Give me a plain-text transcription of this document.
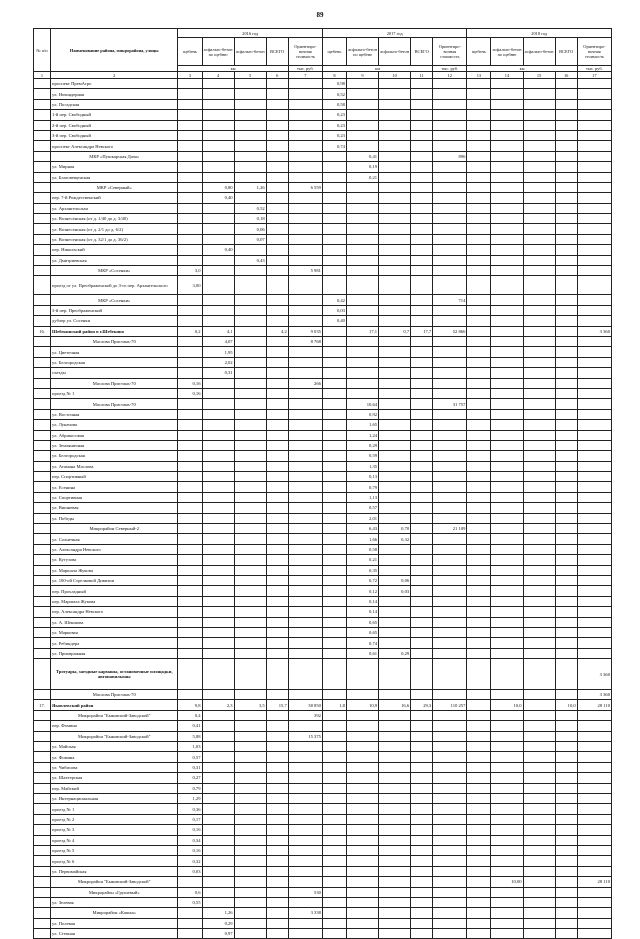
89
№ п/п	Наименование района, микрорайона, улицы	2016 год					2017 год					2018 год				
		щебень	асфальто-бетон по щебню	асфальто-бетон	ВСЕГО	Ориентиро-вочная стоимость	щебень	асфальто-бетон по щебню	асфальто-бетон	ВСЕГО	Ориентиро-вочная стоимость	щебень	асфальто-бетон по щебню	асфальто-бетон	ВСЕГО	Ориентиро-вочная стоимость
		км				тыс. руб.	км				тыс. руб.	км				тыс. руб.
1	2	3	4	5	6	7	8	9	10	11	12	13	14	15	16	17
	проспект ПремАгро						0,98									
	ул. Новоядерная						0,52									
	ул. Посадская						0,58									
	1-й пер. Свободный						0,23									
	2-й пер. Свободный						0,23									
	3-й пер. Свободный						0,23									
	проспект Александра Невского						0,74									
	МКР «Пушкарская Дача»							0,41			896					
	ул. Мирная							0,19								
	ул. Благовещенская							0,21								
	МКР «Северный»		0,80	1,26		6 559										
	пер. 7-й Рождественский		0,40													
	ул. Архангельская			0,52												
	ул. Вознесенская (от д. 1/40 до д. 3/40)			0,18												
	ул. Вознесенская (от д. 2/1 до д. 6/2)			0,06												
	ул. Вознесенская (от д. 32/1 до д. 36/2)			0,07												
	пер. Никольский		0,40													
	ул. Дмитриевская			0,43												
	МКР «Сосенки»	3,0				5 981										
	проезд от ул. Преображенской до 3-го пер. Архангельского	3,00														
	МКР «Сосенки»						0,42				714					
	3-й пер. Преображенский						0,03									
	дублер ул. Сосенки						0,40									
16.	Шебекинский район в г.Шебекино	0,2	4,1		4,2	9 035		17,1	0,7	17,7	52 866					3 360
	Масловa Пристань-70		4,07			8 768										
	ул. Цветочная		1,95													
	ул. Белгородская		2,02													
	съезды		0,31													
	Масловa Пристань-70	0,16				266										
	проезд № 1	0,16														
	Масловa Пристань-70							10,64			31 757					
	ул. Восточная							0,92								
	ул. Луначова							1,65								
	ул. Абрикосовая							1,24								
	ул. Земляничная							0,29								
	ул. Белгородская							0,59								
	ул. Атамана Маслова							1,35								
	пер. Спортивный							0,13								
	ул. Есенина							0,79								
	ул. Спортивная							1,13								
	ул. Вишневая							0,57								
	ул. Победы							2,01								
	Микрорайон Северный-2							6,43	0,70		21 109					
	ул. Солнечная							1,66	0,32							
	ул. Александра Невского							0,58								
	ул. Кутузова							0,21								
	ул. Маршала Жукова							0,35								
	ул. 100-ой Стрелковой Дивизии							0,72	0,06							
	пер. Прохладный							0,12	0,03							
	пер. Маршала Жукова							0,14								
	пер. Александра Невского							0,14								
	ул. А. Шеншова							0,65								
	ул. Марковая							0,65								
	ул. Ребиндера							0,74								
	ул. Приовражная							0,61	0,29							
	Тротуары, заездные карманы, остановочные площадки, автопавильоны															3 360
	Масловa Пристань-70															3 360
17.	Яковлевский район	9,8	2,3	3,5	15,7	38 850	1,8	10,9	16,6	29,3	110 257		10,0		10,0	28 110
	Микрорайон "Быковский-Заводской"	0,4				392										
	пер. Фомина	0,41														
	Микрорайон "Быковский-Заводской"	5,88				15 375										
	ул. Майская	1,03														
	ул. Фомина	0,57														
	ул. Чибисова	0,31														
	ул. Шахтерская	0,27														
	пер. Майский	0,79														
	ул. Интернациональная	1,29														
	проезд № 1	0,36														
	проезд № 2	0,17														
	проезд № 3	0,16														
	проезд № 4	0,34														
	проезд № 5	0,16														
	проезд № 6	0,32														
	ул. Первомайская	0,03														
	Микрорайон "Быковский-Заводской"												10,00			28 110
	Микрорайон «Грушевый»	0,6				530										
	ул. Зелевая	0,55														
	Микрорайон «Кашка»		1,26			3 338										
	ул. Полевая		0,29													
	ул. Степная		0,97													
